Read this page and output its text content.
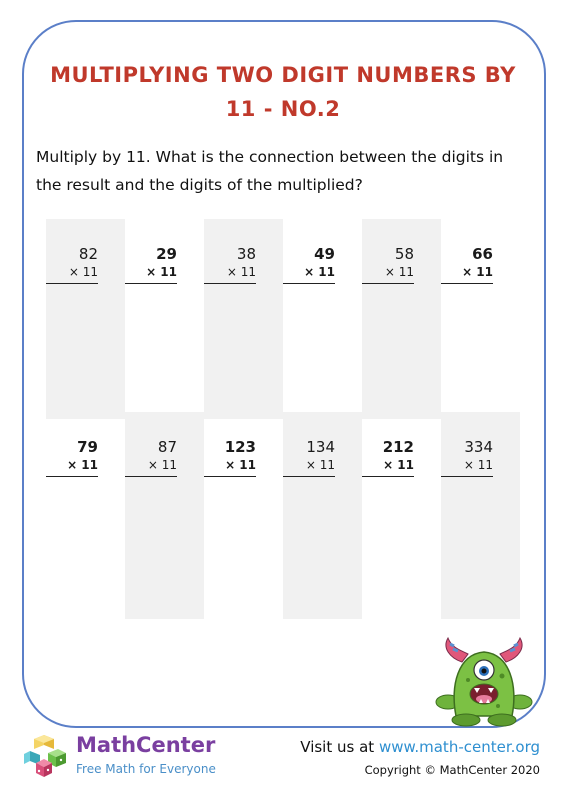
MULTIPLYING TWO DIGIT NUMBERS BY
11 - NO.2
Multiply by 11. What is the connection between the digits in the result and the digits of the multiplied?
82
× 11
29
× 11
38
× 11
49
× 11
58
× 11
66
× 11
79
× 11
87
× 11
123
× 11
134
× 11
212
× 11
334
× 11
MathCenter
Free Math for Everyone
Visit us at www.math-center.org
Copyright © MathCenter 2020
